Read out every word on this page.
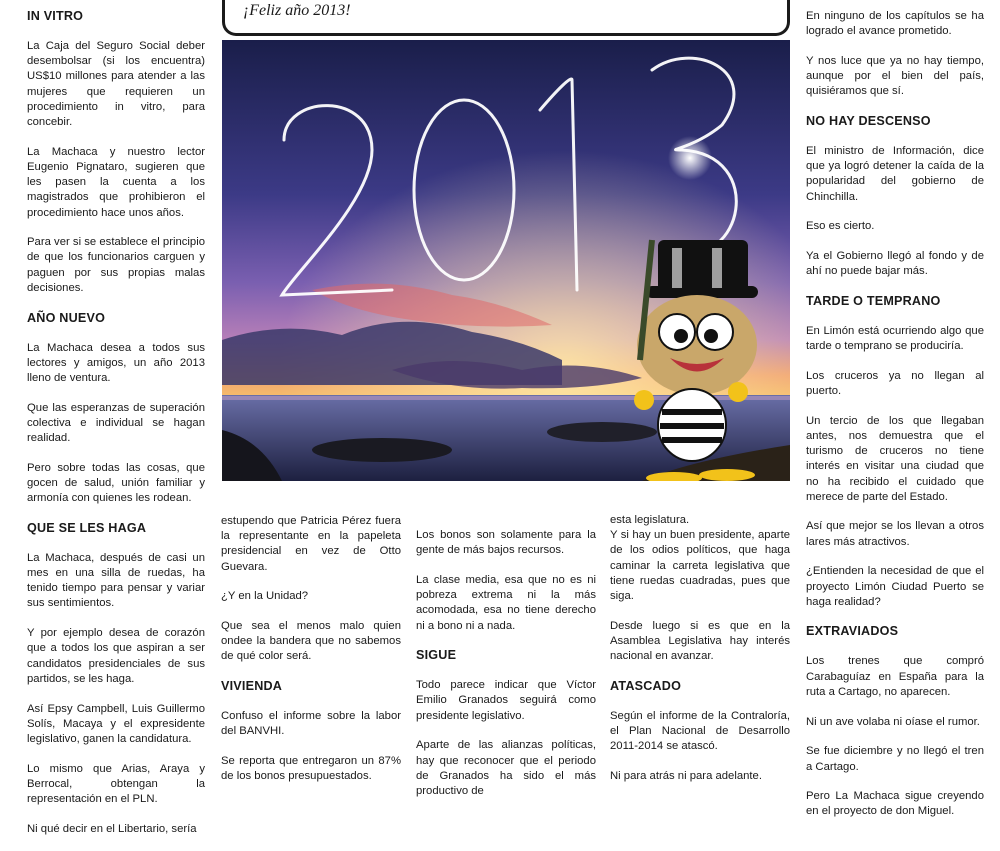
IN VITRO

La Caja del Seguro Social deber desembolsar (si los encuentra) US$10 millones para atender a las mujeres que requieren un procedimiento in vitro, para concebir.

La Machaca y nuestro lector Eugenio Pignataro, sugieren que les pasen la cuenta a los magistrados que prohibieron el procedimiento hace unos años.

Para ver si se establece el principio de que los funcionarios carguen y paguen por sus propias malas decisiones.

AÑO NUEVO

La Machaca desea a todos sus lectores y amigos, un año 2013 lleno de ventura.

Que las esperanzas de superación colectiva e individual se hagan realidad.

Pero sobre todas las cosas, que gocen de salud, unión familiar y armonía con quienes les rodean.

QUE SE LES HAGA

La Machaca, después de casi un mes en una silla de ruedas, ha tenido tiempo para pensar y variar sus sentimientos.

Y por ejemplo desea de corazón que a todos los que aspiran a ser candidatos presidenciales de sus partidos, se les haga.

Así Epsy Campbell, Luis Guillermo Solís, Macaya y el expresidente legislativo, ganen la candidatura.

Lo mismo que Arias, Araya y Berrocal, obtengan la representación en el PLN.

Ni qué decir en el Libertario, sería

¡Feliz año 2013!

estupendo que Patricia Pérez fuera la representante en la papeleta presidencial en vez de Otto Guevara.

¿Y en la Unidad?

Que sea el menos malo quien ondee la bandera que no sabemos de qué color será.

VIVIENDA

Confuso el informe sobre la labor del BANVHI.

Se reporta que entregaron un 87% de los bonos presupuestados.

Los bonos son solamente para la gente de más bajos recursos.

La clase media, esa que no es ni pobreza extrema ni la más acomodada, esa no tiene derecho ni a bono ni a nada.

SIGUE

Todo parece indicar que Víctor Emilio Granados seguirá como presidente legislativo.

Aparte de las alianzas políticas, hay que reconocer que el periodo de Granados ha sido el más productivo de

esta legislatura.

Y si hay un buen presidente, aparte de los odios políticos, que haga caminar la carreta legislativa que tiene ruedas cuadradas, pues que siga.

Desde luego si es que en la Asamblea Legislativa hay interés nacional en avanzar.

ATASCADO

Según el informe de la Contraloría, el Plan Nacional de Desarrollo 2011-2014 se atascó.

Ni para atrás ni para adelante.

En ninguno de los capítulos se ha logrado el avance prometido.

Y nos luce que ya no hay tiempo, aunque por el bien del país, quisiéramos que sí.

NO HAY DESCENSO

El ministro de Información, dice que ya logró detener la caída de la popularidad del gobierno de Chinchilla.

Eso es cierto.

Ya el Gobierno llegó al fondo y de ahí no puede bajar más.

TARDE O TEMPRANO

En Limón está ocurriendo algo que tarde o temprano se produciría.

Los cruceros ya no llegan al puerto.

Un tercio de los que llegaban antes, nos demuestra que el turismo de cruceros no tiene interés en visitar una ciudad que no ha recibido el cuidado que merece de parte del Estado.

Así que mejor se los llevan a otros lares más atractivos.

¿Entienden la necesidad de que el proyecto Limón Ciudad Puerto se haga realidad?

EXTRAVIADOS

Los trenes que compró Carabaguíaz en España para la ruta a Cartago, no aparecen.

Ni un ave volaba ni oíase el rumor.

Se fue diciembre y no llegó el tren a Cartago.

Pero La Machaca sigue creyendo en el proyecto de don Miguel.
